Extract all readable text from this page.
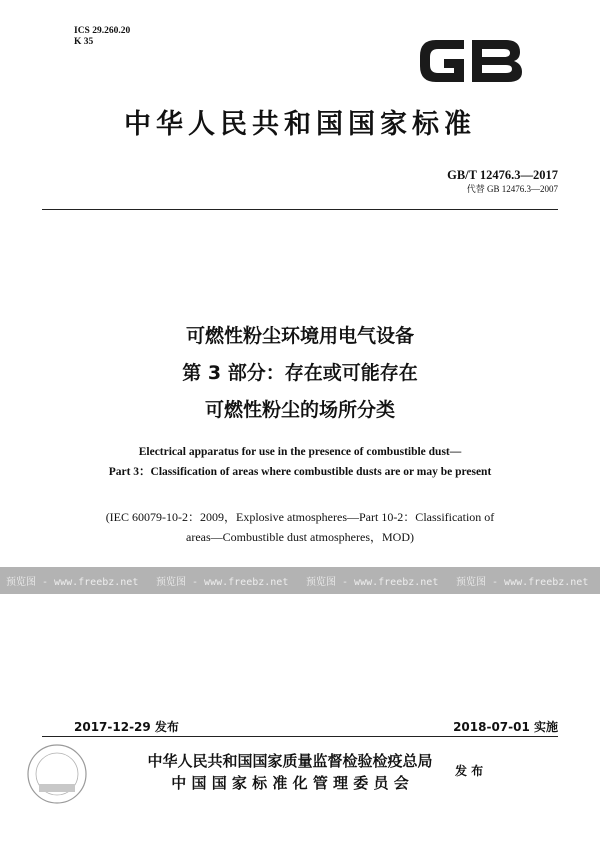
ICS 29.260.20
K 35
中华人民共和国国家标准
GB/T 12476.3—2017
代替 GB 12476.3—2007
可燃性粉尘环境用电气设备
第 3 部分：存在或可能存在
可燃性粉尘的场所分类
Electrical apparatus for use in the presence of combustible dust—
Part 3：Classification of areas where combustible dusts are or may be present
(IEC 60079-10-2：2009，Explosive atmospheres—Part 10-2：Classification of
areas—Combustible dust atmospheres，MOD)
预览图 - www.freebz.net	预览图 - www.freebz.net	预览图 - www.freebz.net	预览图 - www.freebz.net
2017-12-29 发布	2018-07-01 实施
中华人民共和国国家质量监督检验检疫总局
中 国 国 家 标 准 化 管 理 委 员 会
发 布
